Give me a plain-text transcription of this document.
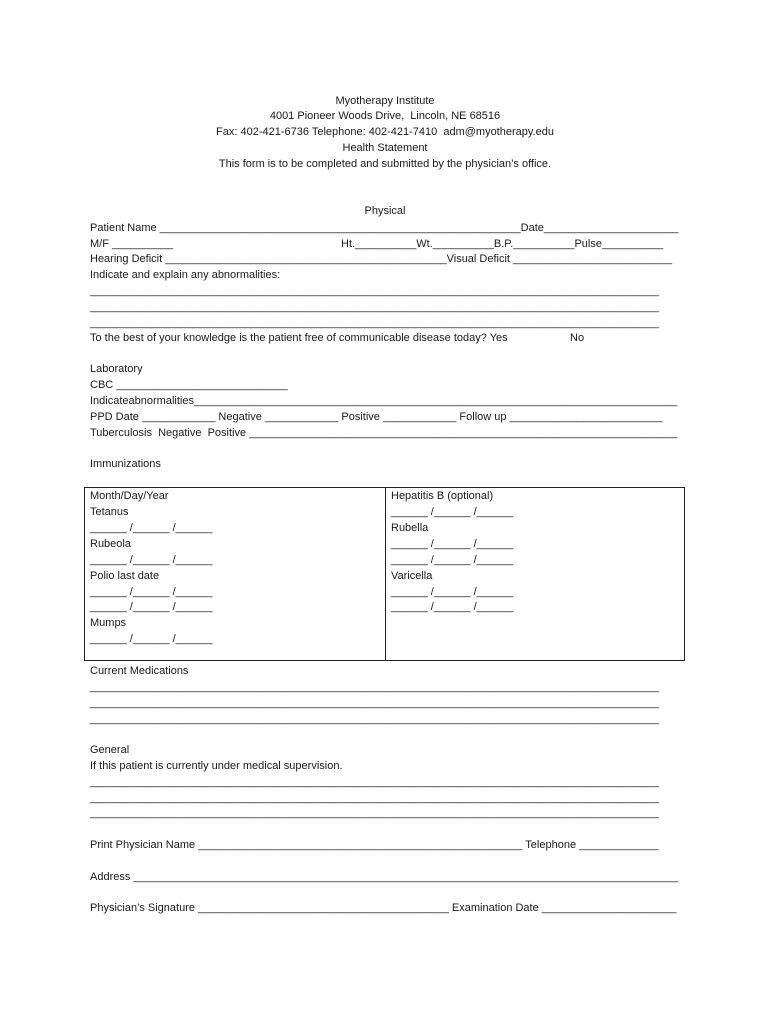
Myotherapy Institute
4001 Pioneer Woods Drive,  Lincoln, NE 68516
Fax: 402-421-6736 Telephone: 402-421-7410  adm@myotherapy.edu
Health Statement
This form is to be completed and submitted by the physician’s office.
Physical
Patient Name ___________________________________________________________Date______________________
M/F __________	Ht.__________Wt.__________B.P.__________Pulse__________
Hearing Deficit ______________________________________________Visual Deficit __________________________
Indicate and explain any abnormalities:
_____________________________________________________________________________________________
_____________________________________________________________________________________________
_____________________________________________________________________________________________
To the best of your knowledge is the patient free of communicable disease today? Yes	No
Laboratory
CBC ____________________________
Indicateabnormalities_______________________________________________________________________________
PPD Date ____________ Negative ____________ Positive ____________ Follow up _________________________
Tuberculosis  Negative  Positive ______________________________________________________________________
Immunizations
Month/Day/Year
Tetanus
______ /______ /______
Rubeola
______ /______ /______
Polio last date
______ /______ /______
______ /______ /______
Mumps
______ /______ /______
Hepatitis B (optional)
______ /______ /______
Rubella
______ /______ /______
______ /______ /______
Varicella
______ /______ /______
______ /______ /______
Current Medications
_____________________________________________________________________________________________
_____________________________________________________________________________________________
_____________________________________________________________________________________________
General
If this patient is currently under medical supervision.
_____________________________________________________________________________________________
_____________________________________________________________________________________________
_____________________________________________________________________________________________
Print Physician Name _____________________________________________________ Telephone _____________
Address _________________________________________________________________________________________
Physician’s Signature _________________________________________ Examination Date ______________________
